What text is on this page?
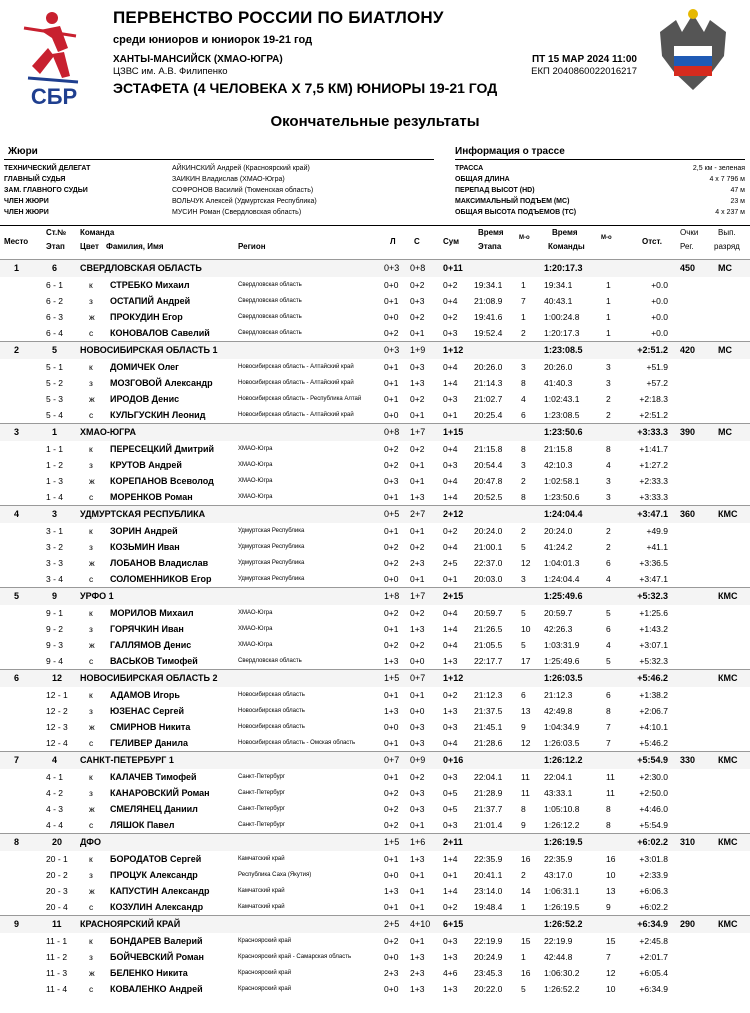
СБР
ПЕРВЕНСТВО РОССИИ ПО БИАТЛОНУ
среди юниоров и юниорок 19-21 год
ХАНТЫ-МАНСИЙСК (ХМАО-ЮГРА)
ЦЗВС им. А.В. Филипенко
ПТ 15 МАР 2024 11:00
ЕКП 2040860022016217
ЭСТАФЕТА (4 ЧЕЛОВЕКА Х 7,5 КМ) ЮНИОРЫ 19-21 ГОД
Окончательные результаты
Жюри	Информация о трассе
ТЕХНИЧЕСКИЙ ДЕЛЕГАТ	АЙКИНСКИЙ Андрей (Красноярский край)
ГЛАВНЫЙ СУДЬЯ	ЗАИКИН Владислав (ХМАО-Югра)
ЗАМ. ГЛАВНОГО СУДЬИ	СОФРОНОВ Василий (Тюменская область)
ЧЛЕН ЖЮРИ	ВОЛЬЧУК Алексей (Удмуртская Республика)
ЧЛЕН ЖЮРИ	МУСИН Роман (Свердловская область)
ТРАССА	2,5 км - зеленая
ОБЩАЯ ДЛИНА	4 x 7 796 м
ПЕРЕПАД ВЫСОТ (HD)	47 м
МАКСИМАЛЬНЫЙ ПОДЪЕМ (MC)	23 м
ОБЩАЯ ВЫСОТА ПОДЪЕМОВ (TC)	4 x 237 м
Место
Ст.№
Этап
Команда
Цвет Фамилия, Имя	Регион
Л С	Сум
Время
Этапа
М-о
Время
Команды
М-о	Отст.
Очки
Рег.
Вып.
разряд
1	6	СВЕРДЛОВСКАЯ ОБЛАСТЬ	0+3 0+8 0+11	1:20:17.3	450	МС
6 - 1	к СТРЕБКО Михаил	Свердловская область	0+0 0+2 0+2 19:34.1 1 19:34.1	1	+0.0
6 - 2	з ОСТАПИЙ Андрей	Свердловская область	0+1 0+3 0+4 21:08.9 7 40:43.1	1	+0.0
6 - 3	ж ПРОКУДИН Егор	Свердловская область	0+0 0+2 0+2 19:41.6 1 1:00:24.8	1	+0.0
6 - 4	с КОНОВАЛОВ Савелий	Свердловская область	0+2 0+1 0+3 19:52.4 2 1:20:17.3	1	+0.0
2	5	НОВОСИБИРСКАЯ ОБЛАСТЬ 1	0+3 1+9 1+12	1:23:08.5	+2:51.2 420	МС
5 - 1	к ДОМИЧЕК Олег	Новосибирская область - Алтайский край	0+1 0+3 0+4 20:26.0 3 20:26.0	3	+51.9
5 - 2	з МОЗГОВОЙ Александр	Новосибирская область - Алтайский край	0+1 1+3 1+4 21:14.3 8 41:40.3	3	+57.2
5 - 3	ж ИРОДОВ Денис	Новосибирская область - Республика Алтай	0+1 0+2 0+3 21:02.7 4 1:02:43.1	2	+2:18.3
5 - 4	с КУЛЬГУСКИН Леонид	Новосибирская область - Алтайский край	0+0 0+1 0+1 20:25.4 6 1:23:08.5	2	+2:51.2
3	1	ХМАО-ЮГРА	0+8 1+7 1+15	1:23:50.6	+3:33.3 390	МС
1 - 1	к ПЕРЕСЕЦКИЙ Дмитрий	ХМАО-Югра	0+2 0+2 0+4 21:15.8 8 21:15.8	8	+1:41.7
1 - 2	з КРУТОВ Андрей	ХМАО-Югра	0+2 0+1 0+3 20:54.4 3 42:10.3	4	+1:27.2
1 - 3	ж КОРЕПАНОВ Всеволод	ХМАО-Югра	0+3 0+1 0+4 20:47.8 2 1:02:58.1	3	+2:33.3
1 - 4	с МОРЕНКОВ Роман	ХМАО-Югра	0+1 1+3 1+4 20:52.5 8 1:23:50.6	3	+3:33.3
4	3	УДМУРТСКАЯ РЕСПУБЛИКА	0+5 2+7 2+12	1:24:04.4	+3:47.1 360	КМС
3 - 1	к ЗОРИН Андрей	Удмуртская Республика	0+1 0+1 0+2 20:24.0 2 20:24.0	2	+49.9
3 - 2	з КОЗЬМИН Иван	Удмуртская Республика	0+2 0+2 0+4 21:00.1 5 41:24.2	2	+41.1
3 - 3	ж ЛОБАНОВ Владислав	Удмуртская Республика	0+2 2+3 2+5 22:37.0 12 1:04:01.3	6	+3:36.5
3 - 4	с СОЛОМЕННИКОВ Егор	Удмуртская Республика	0+0 0+1 0+1 20:03.0 3 1:24:04.4	4	+3:47.1
5	9	УРФО 1	1+8 1+7 2+15	1:25:49.6	+5:32.3	КМС
9 - 1	к МОРИЛОВ Михаил	ХМАО-Югра	0+2 0+2 0+4 20:59.7 5 20:59.7	5	+1:25.6
9 - 2	з ГОРЯЧКИН Иван	ХМАО-Югра	0+1 1+3 1+4 21:26.5 10 42:26.3	6	+1:43.2
9 - 3	ж ГАЛЛЯМОВ Денис	ХМАО-Югра	0+2 0+2 0+4 21:05.5 5 1:03:31.9	4	+3:07.1
9 - 4	с ВАСЬКОВ Тимофей	Свердловская область	1+3 0+0 1+3 22:17.7 17 1:25:49.6	5	+5:32.3
6	12 НОВОСИБИРСКАЯ ОБЛАСТЬ 2	1+5 0+7 1+12	1:26:03.5	+5:46.2	КМС
12 - 1	к АДАМОВ Игорь	Новосибирская область	0+1 0+1 0+2 21:12.3 6 21:12.3	6	+1:38.2
12 - 2	з ЮЗЕНАС Сергей	Новосибирская область	1+3 0+0 1+3 21:37.5 13 42:49.8	8	+2:06.7
12 - 3	ж СМИРНОВ Никита	Новосибирская область	0+0 0+3 0+3 21:45.1 9 1:04:34.9	7	+4:10.1
12 - 4	с ГЕЛИВЕР Данила	Новосибирская область - Омская область	0+1 0+3 0+4 21:28.6 12 1:26:03.5	7	+5:46.2
7	4	САНКТ-ПЕТЕРБУРГ 1	0+7 0+9 0+16	1:26:12.2	+5:54.9 330	КМС
4 - 1	к КАЛАЧЕВ Тимофей	Санкт-Петербург	0+1 0+2 0+3 22:04.1 11 22:04.1	11	+2:30.0
4 - 2	з КАНАРОВСКИЙ Роман	Санкт-Петербург	0+2 0+3 0+5 21:28.9 11 43:33.1	11	+2:50.0
4 - 3	ж СМЕЛЯНЕЦ Даниил	Санкт-Петербург	0+2 0+3 0+5 21:37.7 8 1:05:10.8	8	+4:46.0
4 - 4	с ЛЯШОК Павел	Санкт-Петербург	0+2 0+1 0+3 21:01.4 9 1:26:12.2	8	+5:54.9
8	20 ДФО	1+5 1+6 2+11	1:26:19.5	+6:02.2 310	КМС
20 - 1	к БОРОДАТОВ Сергей	Камчатский край	0+1 1+3 1+4 22:35.9 16 22:35.9	16	+3:01.8
20 - 2	з ПРОЦУК Александр	Республика Саха (Якутия)	0+0 0+1 0+1 20:41.1 2 43:17.0	10	+2:33.9
20 - 3	ж КАПУСТИН Александр	Камчатский край	1+3 0+1 1+4 23:14.0 14 1:06:31.1	13	+6:06.3
20 - 4	с КОЗУЛИН Александр	Камчатский край	0+1 0+1 0+2 19:48.4 1 1:26:19.5	9	+6:02.2
9	11 КРАСНОЯРСКИЙ КРАЙ	2+5 4+10 6+15	1:26:52.2	+6:34.9 290	КМС
11 - 1	к БОНДАРЕВ Валерий	Красноярский край	0+2 0+1 0+3 22:19.9 15 22:19.9	15	+2:45.8
11 - 2	з БОЙЧЕВСКИЙ Роман	Красноярский край - Самарская область	0+0 1+3 1+3 20:24.9 1 42:44.8	7	+2:01.7
11 - 3	ж БЕЛЕНКО Никита	Красноярский край	2+3 2+3 4+6 23:45.3 16 1:06:30.2	12	+6:05.4
11 - 4	с КОВАЛЕНКО Андрей	Красноярский край	0+0 1+3 1+3 20:22.0 5 1:26:52.2	10	+6:34.9
